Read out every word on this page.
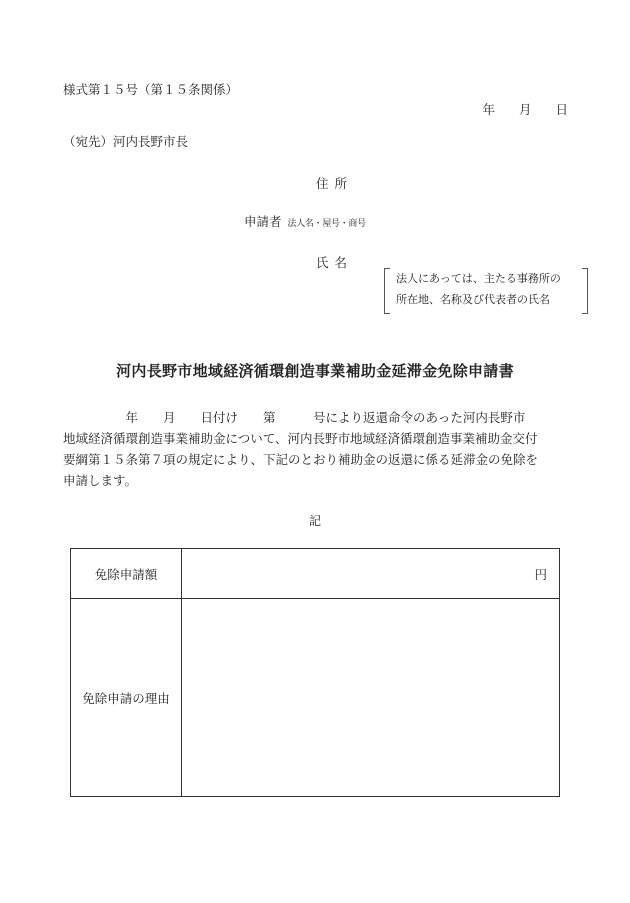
様式第１５号（第１５条関係）
年 月 日
（宛先）河内長野市長
住所
申請者 法人名・屋号・商号
氏名
法人にあっては、主たる事務所の
所在地、名称及び代表者の氏名
河内長野市地域経済循環創造事業補助金延滞金免除申請書

　　　　　年　　月　　日付け　　第　　　号により返還命令のあった河内長野市

地域経済循環創造事業補助金について、河内長野市地域経済循環創造事業補助金交付

要綱第１５条第７項の規定により、下記のとおり補助金の返還に係る延滞金の免除を

申請します。

記
免除申請額	円
免除申請の理由	
